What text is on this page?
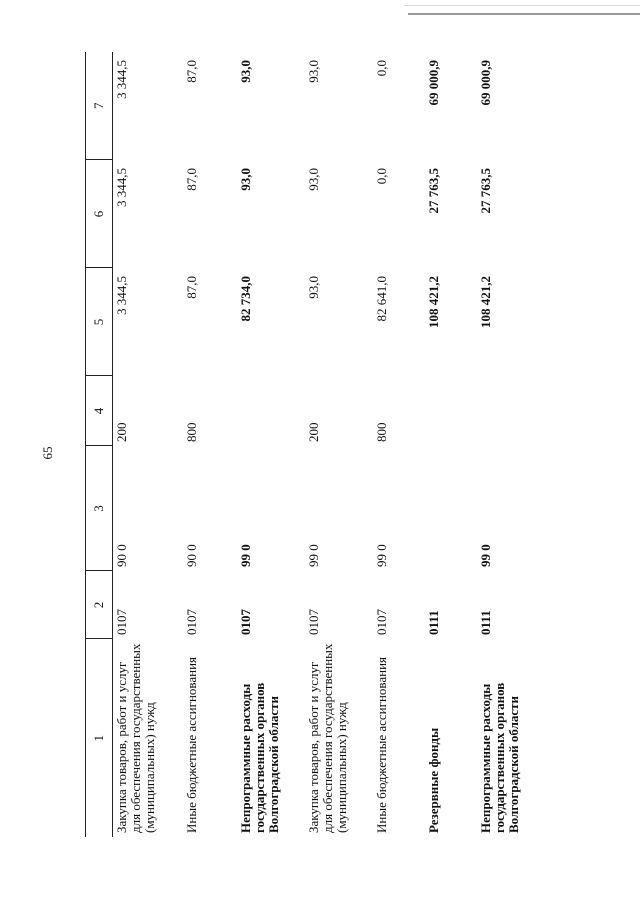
65
1	2	3	4	5	6	7
Закупка товаров, работ и услуг для обеспечения государственных (муниципальных) нужд	0107	90 0	200	3 344,5	3 344,5	3 344,5
Иные бюджетные ассигнования	0107	90 0	800	87,0	87,0	87,0
Непрограммные расходы государственных органов Волгоградской области	0107	99 0		82 734,0	93,0	93,0
Закупка товаров, работ и услуг для обеспечения государственных (муниципальных) нужд	0107	99 0	200	93,0	93,0	93,0
Иные бюджетные ассигнования	0107	99 0	800	82 641,0	0,0	0,0
Резервные фонды	0111			108 421,2	27 763,5	69 000,9
Непрограммные расходы государственных органов Волгоградской области	0111	99 0		108 421,2	27 763,5	69 000,9
